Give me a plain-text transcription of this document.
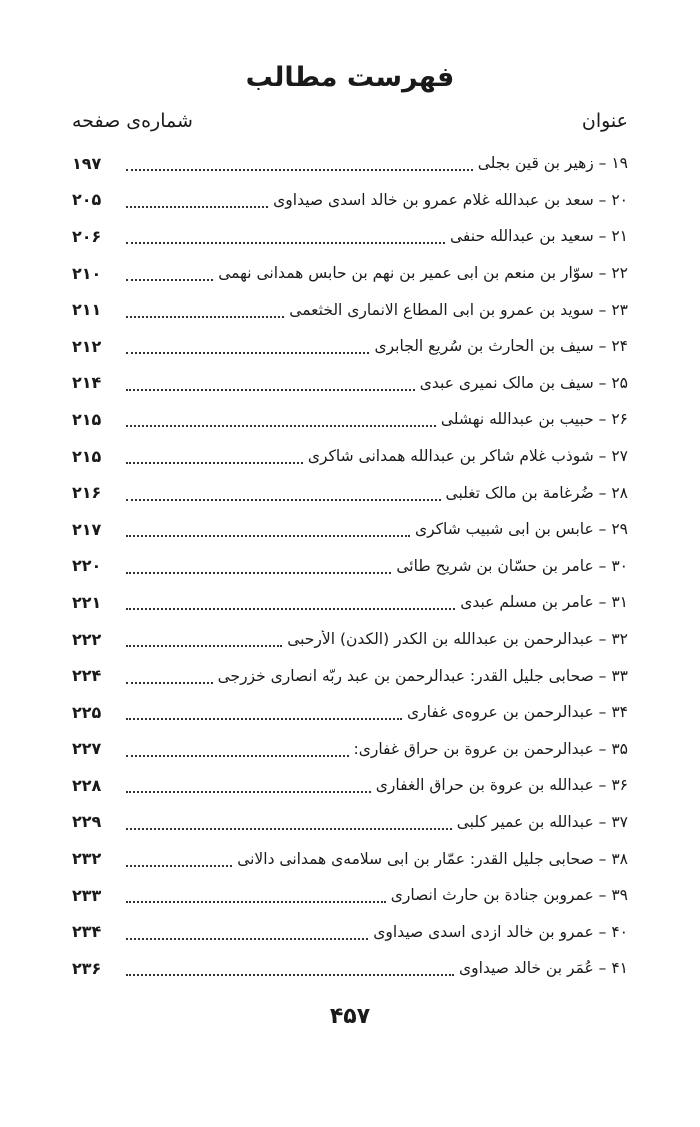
فهرست مطالب
عنوان
شماره‌ی صفحه
۱۹ – زهیر بن قین بجلی
۱۹۷
۲۰ – سعد بن عبدالله غلام عمرو بن خالد اسدی صیداوی
۲۰۵
۲۱ – سعید بن عبدالله حنفی
۲۰۶
۲۲ – سوّار بن منعم بن ابی عمیر بن نهم بن حابس همدانی نهمی
۲۱۰
۲۳ – سوید بن عمرو بن ابی المطاع الانماری الخثعمی
۲۱۱
۲۴ – سیف بن الحارث بن سُریع الجابری
۲۱۲
۲۵ – سیف بن مالک نمیری عبدی
۲۱۴
۲۶ – حبیب بن عبدالله نهشلی
۲۱۵
۲۷ – شوذب غلام شاکر بن عبدالله همدانی شاکری
۲۱۵
۲۸ – ضُرغامة بن مالک تغلبی
۲۱۶
۲۹ – عابس بن ابی شبیب شاکری
۲۱۷
۳۰ – عامر بن حسّان بن شریح طائی
۲۲۰
۳۱ – عامر بن مسلم عبدی
۲۲۱
۳۲ – عبدالرحمن بن عبدالله بن الکدر (الکدن) الأرحبی
۲۲۲
۳۳ – صحابی جلیل القدر: عبدالرحمن بن عبد ربّه انصاری خزرجی
۲۲۴
۳۴ – عبدالرحمن بن عروه‌ی غفاری
۲۲۵
۳۵ – عبدالرحمن بن عروة بن حراق غفاری:
۲۲۷
۳۶ – عبدالله بن عروة بن حراق الغفاری
۲۲۸
۳۷ – عبدالله بن عمیر کلبی
۲۲۹
۳۸ – صحابی جلیل القدر: عمّار بن ابی سلامه‌ی همدانی دالانی
۲۳۲
۳۹ – عمروبن جنادة بن حارث انصاری
۲۳۳
۴۰ – عمرو بن خالد ازدی اسدی صیداوی
۲۳۴
۴۱ – عُمَر بن خالد صیداوی
۲۳۶
۴۵۷
